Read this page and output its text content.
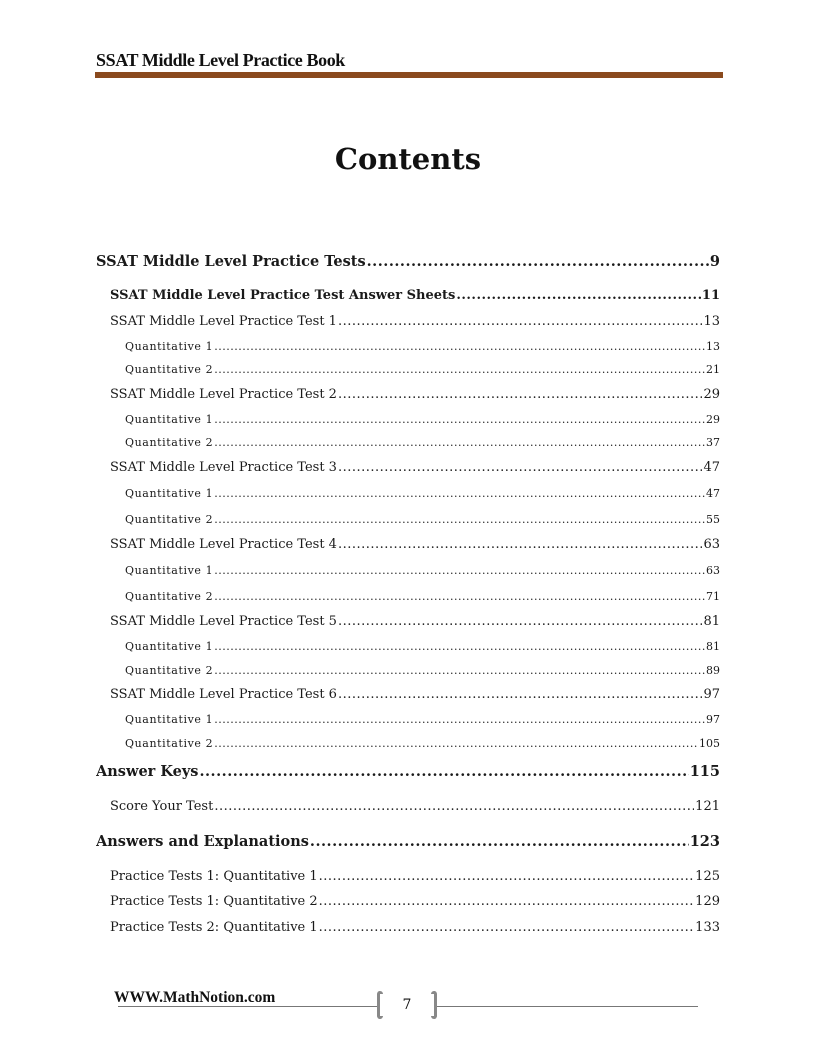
SSAT Middle Level Practice Book
Contents
SSAT Middle Level Practice Tests .....	9
SSAT Middle Level Practice Test Answer Sheets .....	11
SSAT Middle Level Practice Test 1 .....	13
Quantitative 1 .....	13
Quantitative 2 .....	21
SSAT Middle Level Practice Test 2 .....	29
Quantitative 1 .....	29
Quantitative 2 .....	37
SSAT Middle Level Practice Test 3 .....	47
Quantitative 1 .....	47
Quantitative 2 .....	55
SSAT Middle Level Practice Test 4 .....	63
Quantitative 1 .....	63
Quantitative 2 .....	71
SSAT Middle Level Practice Test 5 .....	81
Quantitative 1 .....	81
Quantitative 2 .....	89
SSAT Middle Level Practice Test 6 .....	97
Quantitative 1 .....	97
Quantitative 2 .....	105
Answer Keys .....	115
Score Your Test .....	121
Answers and Explanations .....	123
Practice Tests 1: Quantitative 1 .....	125
Practice Tests 1: Quantitative 2 .....	129
Practice Tests 2: Quantitative 1 .....	133
WWW.MathNotion.com	7
